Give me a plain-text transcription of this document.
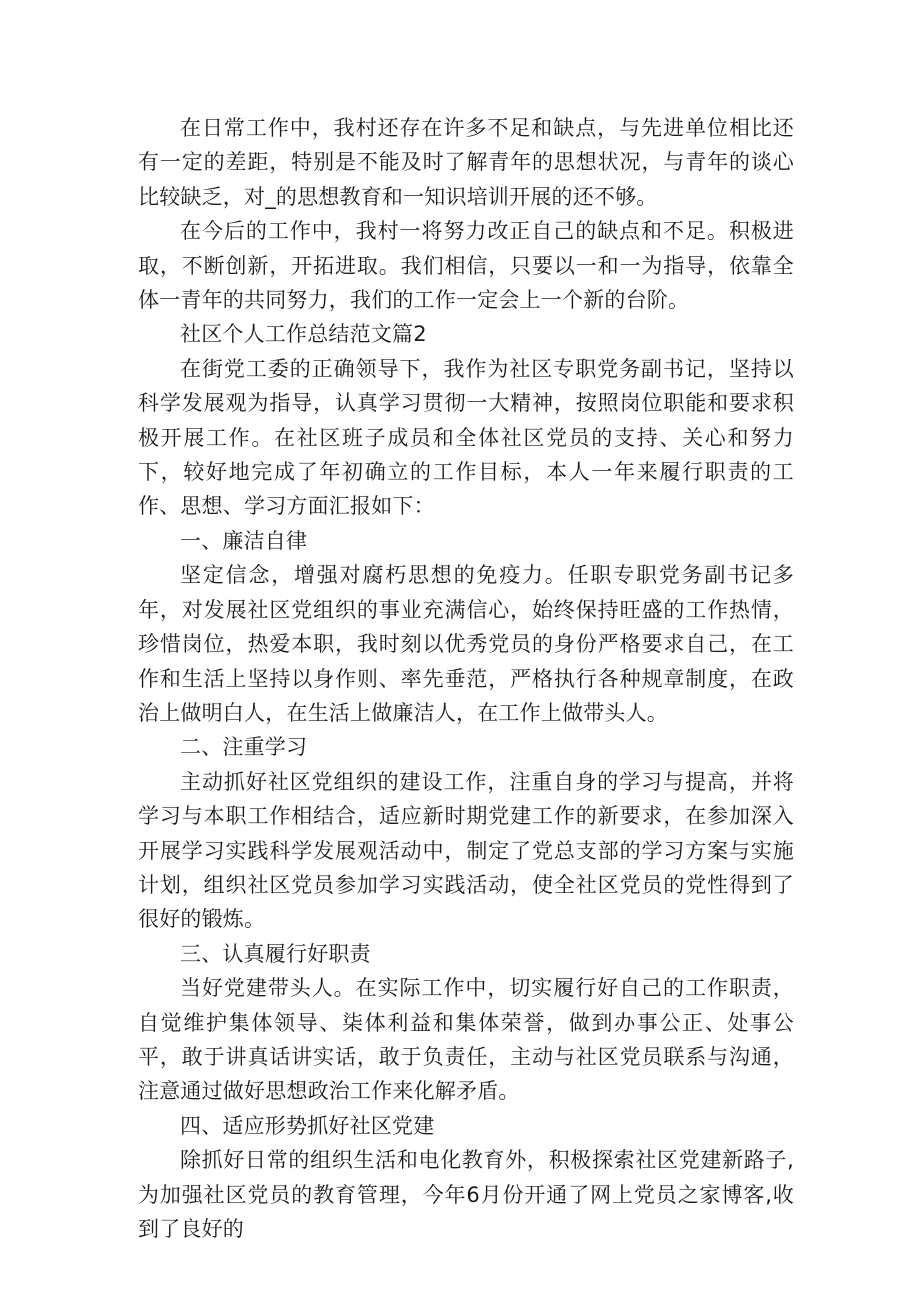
在日常工作中，我村还存在许多不足和缺点，与先进单位相比还有一定的差距，特别是不能及时了解青年的思想状况，与青年的谈心比较缺乏，对_的思想教育和一知识培训开展的还不够。

在今后的工作中，我村一将努力改正自己的缺点和不足。积极进取，不断创新，开拓进取。我们相信，只要以一和一为指导，依靠全体一青年的共同努力，我们的工作一定会上一个新的台阶。

社区个人工作总结范文篇2

在街党工委的正确领导下，我作为社区专职党务副书记，坚持以科学发展观为指导，认真学习贯彻一大精神，按照岗位职能和要求积极开展工作。在社区班子成员和全体社区党员的支持、关心和努力下，较好地完成了年初确立的工作目标，本人一年来履行职责的工作、思想、学习方面汇报如下：

一、廉洁自律

坚定信念，增强对腐朽思想的免疫力。任职专职党务副书记多年，对发展社区党组织的事业充满信心，始终保持旺盛的工作热情，珍惜岗位，热爱本职，我时刻以优秀党员的身份严格要求自己，在工作和生活上坚持以身作则、率先垂范，严格执行各种规章制度，在政治上做明白人，在生活上做廉洁人，在工作上做带头人。

二、注重学习

主动抓好社区党组织的建设工作，注重自身的学习与提高，并将学习与本职工作相结合，适应新时期党建工作的新要求，在参加深入开展学习实践科学发展观活动中，制定了党总支部的学习方案与实施计划，组织社区党员参加学习实践活动，使全社区党员的党性得到了很好的锻炼。

三、认真履行好职责

当好党建带头人。在实际工作中，切实履行好自己的工作职责，自觉维护集体领导、柒体利益和集体荣誉，做到办事公正、处事公平，敢于讲真话讲实话，敢于负责任，主动与社区党员联系与沟通，注意通过做好思想政治工作来化解矛盾。

四、适应形势抓好社区党建

除抓好日常的组织生活和电化教育外，积极探索社区党建新路子,为加强社区党员的教育管理，今年6月份开通了网上党员之家博客,收到了良好的
